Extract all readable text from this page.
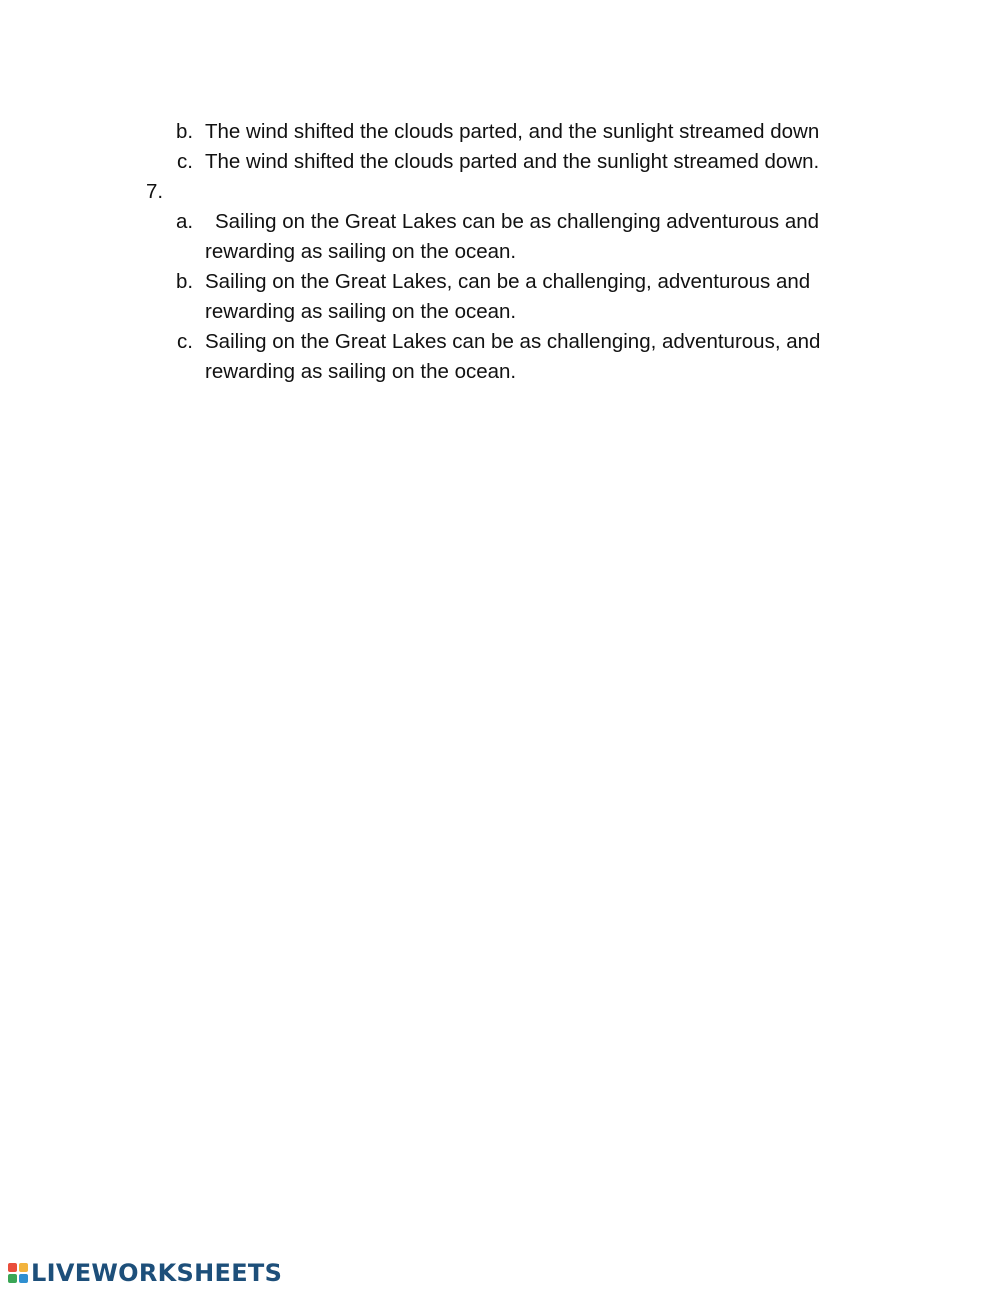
b. The wind shifted the clouds parted, and the sunlight streamed down
c. The wind shifted the clouds parted and the sunlight streamed down.
7.
a. Sailing on the Great Lakes can be as challenging adventurous and
rewarding as sailing on the ocean.
b. Sailing on the Great Lakes, can be a challenging, adventurous and
rewarding as sailing on the ocean.
c. Sailing on the Great Lakes can be as challenging, adventurous, and
rewarding as sailing on the ocean.
LIVEWORKSHEETS
